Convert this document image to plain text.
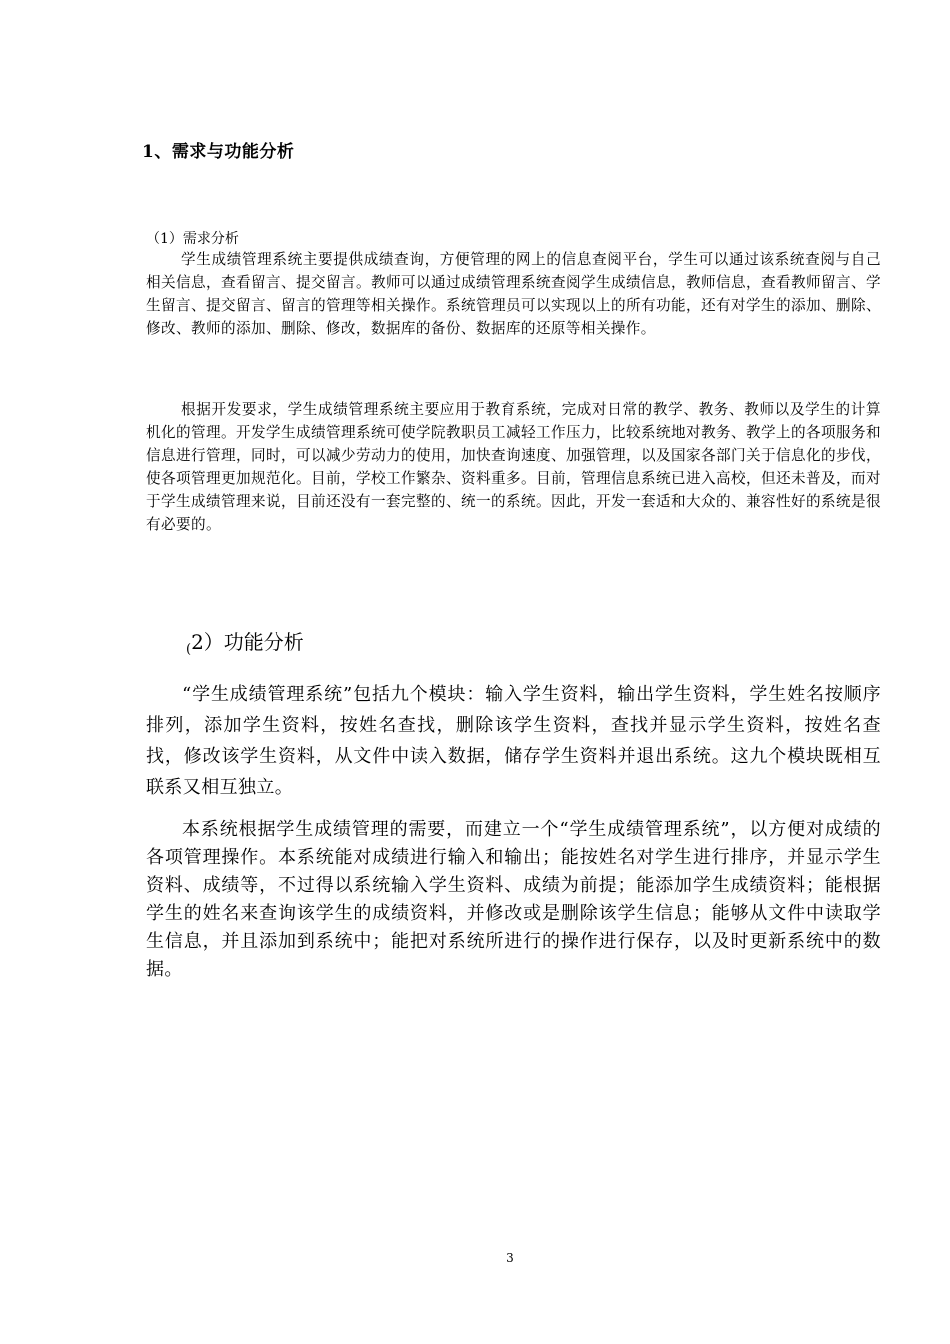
1、需求与功能分析
（1）需求分析
学生成绩管理系统主要提供成绩查询，方便管理的网上的信息查阅平台，学生可以通过该系统查阅与自己相关信息，查看留言、提交留言。教师可以通过成绩管理系统查阅学生成绩信息，教师信息，查看教师留言、学生留言、提交留言、留言的管理等相关操作。系统管理员可以实现以上的所有功能，还有对学生的添加、删除、修改、教师的添加、删除、修改，数据库的备份、数据库的还原等相关操作。
根据开发要求，学生成绩管理系统主要应用于教育系统，完成对日常的教学、教务、教师以及学生的计算机化的管理。开发学生成绩管理系统可使学院教职员工减轻工作压力，比较系统地对教务、教学上的各项服务和信息进行管理，同时，可以减少劳动力的使用，加快查询速度、加强管理，以及国家各部门关于信息化的步伐，使各项管理更加规范化。目前，学校工作繁杂、资料重多。目前，管理信息系统已进入高校，但还未普及，而对于学生成绩管理来说，目前还没有一套完整的、统一的系统。因此，开发一套适和大众的、兼容性好的系统是很有必要的。
$_($2）功能分析
“学生成绩管理系统”包括九个模块：输入学生资料，输出学生资料，学生姓名按顺序排列，添加学生资料，按姓名查找，删除该学生资料，查找并显示学生资料，按姓名查找，修改该学生资料，从文件中读入数据，储存学生资料并退出系统。这九个模块既相互联系又相互独立。
本系统根据学生成绩管理的需要，而建立一个“学生成绩管理系统”，以方便对成绩的各项管理操作。本系统能对成绩进行输入和输出；能按姓名对学生进行排序，并显示学生资料、成绩等，不过得以系统输入学生资料、成绩为前提；能添加学生成绩资料；能根据学生的姓名来查询该学生的成绩资料，并修改或是删除该学生信息；能够从文件中读取学生信息，并且添加到系统中；能把对系统所进行的操作进行保存，以及时更新系统中的数据。
3
